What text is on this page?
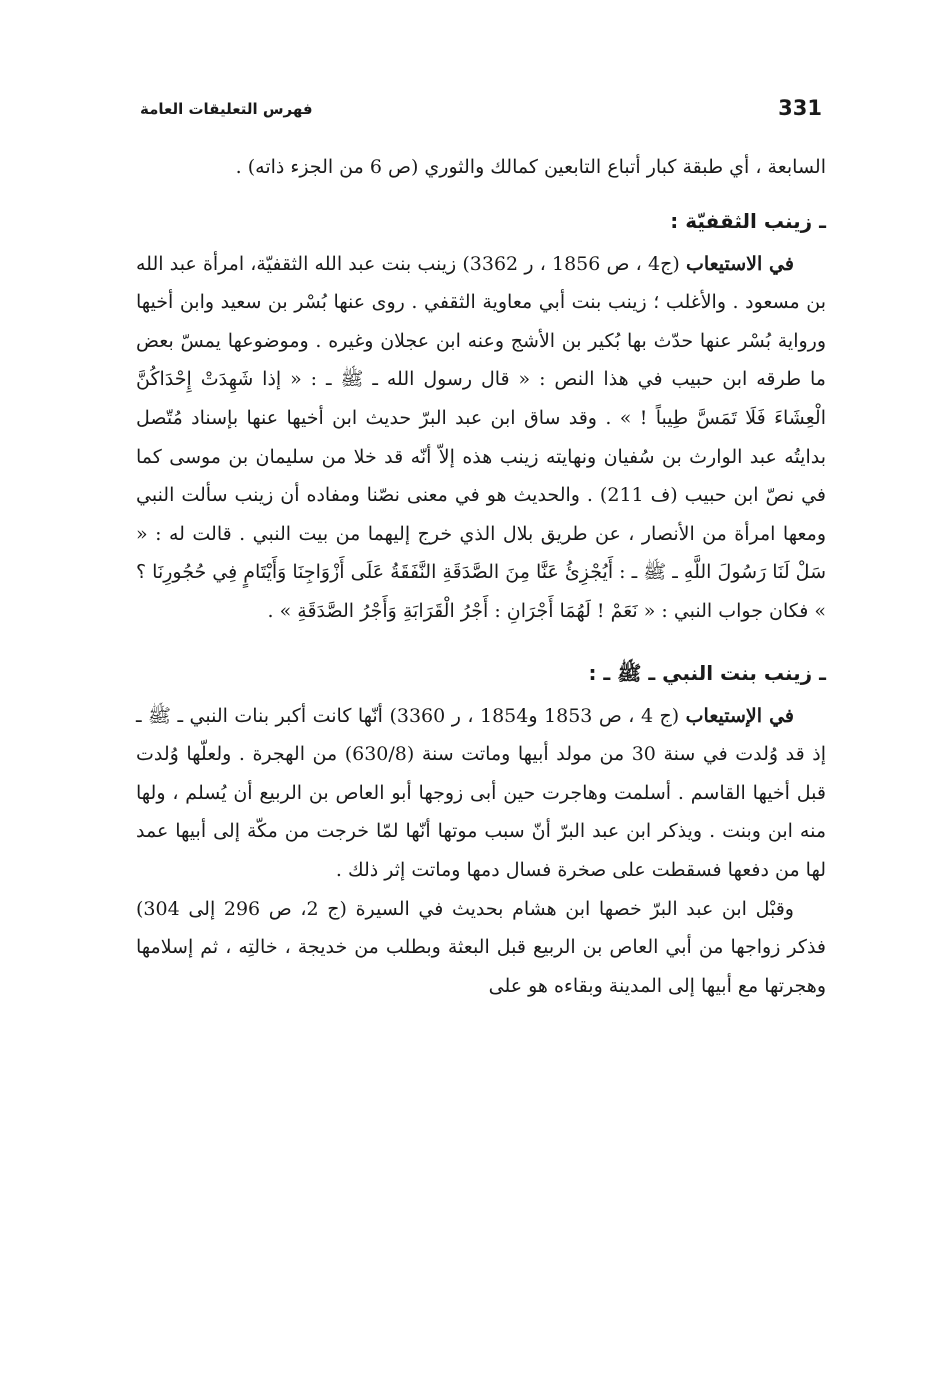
331
فهرس التعليقات العامة

السابعة ، أي طبقة كبار أتباع التابعين كمالك والثوري (ص 6 من الجزء ذاته) .

ـ زينب الثقفيّة :

في الاستيعاب (ج4 ، ص 1856 ، ر 3362) زينب بنت عبد الله الثقفيّة، امرأة عبد الله بن مسعود . والأغلب ؛ زينب بنت أبي معاوية الثقفي . روى عنها بُسْر بن سعيد وابن أخيها ورواية بُسْر عنها حدّث بها بُكير بن الأشج وعنه ابن عجلان وغيره . وموضوعها يمسّ بعض ما طرقه ابن حبيب في هذا النص : « قال رسول الله ـ ﷺ ـ : « إذا شَهِدَتْ إِحْدَاكُنَّ الْعِشَاءَ فَلَا تَمَسَّ طِيباً ! » . وقد ساق ابن عبد البرّ حديث ابن أخيها عنها بإسناد مُتّصل بدايتُه عبد الوارث بن سُفيان ونهايته زينب هذه إلاّ أنّه قد خلا من سليمان بن موسى كما في نصّ ابن حبيب (ف 211) . والحديث هو في معنى نصّنا ومفاده أن زينب سألت النبي ومعها امرأة من الأنصار ، عن طريق بلال الذي خرج إليهما من بيت النبي . قالت له : « سَلْ لَنَا رَسُولَ اللَّهِ ـ ﷺ ـ : أَيُجْزِئُ عَنَّا مِنَ الصَّدَقَةِ النَّفَقَةُ عَلَى أَزْوَاجِنَا وَأَيْتَامٍ فِي حُجُورِنَا ؟ » فكان جواب النبي : « نَعَمْ ! لَهُمَا أَجْرَانِ : أَجْرُ الْقَرَابَةِ وَأَجْرُ الصَّدَقَةِ » .

ـ زينب بنت النبي ـ ﷺ ـ :

في الإستيعاب (ج 4 ، ص 1853 و1854 ، ر 3360) أنّها كانت أكبر بنات النبي ـ ﷺ ـ إذ قد وُلدت في سنة 30 من مولد أبيها وماتت سنة (630/8) من الهجرة . ولعلّها وُلدت قبل أخيها القاسم . أسلمت وهاجرت حين أبى زوجها أبو العاص بن الربيع أن يُسلم ، ولها منه ابن وبنت . ويذكر ابن عبد البرّ أنّ سبب موتها أنّها لمّا خرجت من مكّة إلى أبيها عمد لها من دفعها فسقطت على صخرة فسال دمها وماتت إثر ذلك .

وقبْل ابن عبد البرّ خصها ابن هشام بحديث في السيرة (ج 2، ص 296 إلى 304) فذكر زواجها من أبي العاص بن الربيع قبل البعثة وبطلب من خديجة ، خالتِه ، ثم إسلامها وهجرتها مع أبيها إلى المدينة وبقاءه هو على
